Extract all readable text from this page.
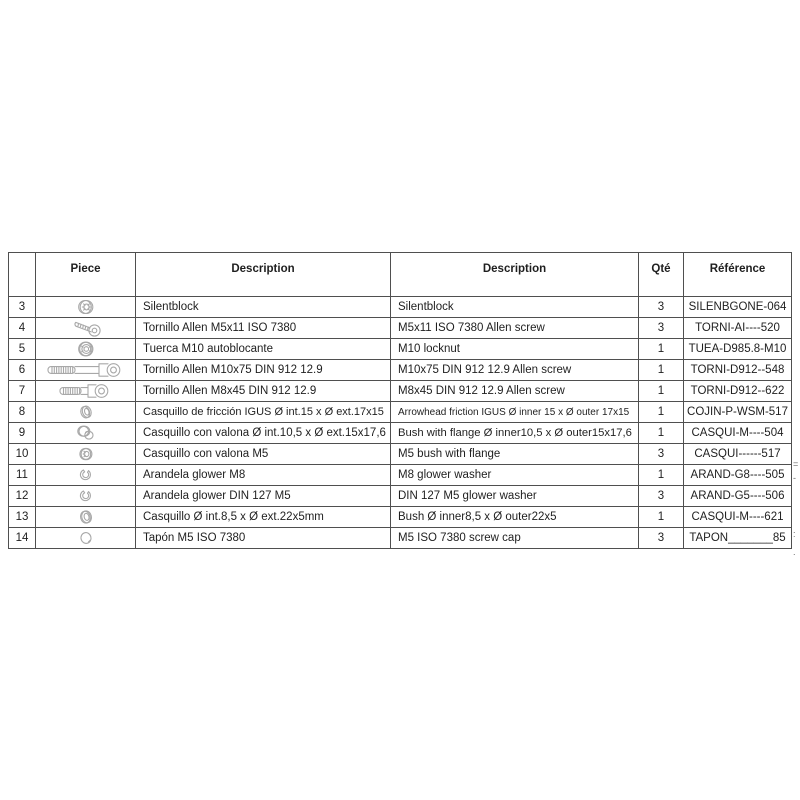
	Piece	Description	Description	Qté	Référence
3		Silentblock	Silentblock	3	SILENBGONE-064
4		Tornillo Allen M5x11 ISO 7380	M5x11 ISO 7380 Allen screw	3	TORNI-AI----520
5		Tuerca M10 autoblocante	M10 locknut	1	TUEA-D985.8-M10
6		Tornillo Allen M10x75 DIN 912 12.9	M10x75 DIN 912 12.9 Allen screw	1	TORNI-D912--548
7		Tornillo Allen M8x45 DIN 912 12.9	M8x45 DIN 912 12.9 Allen screw	1	TORNI-D912--622
8		Casquillo de fricción IGUS Ø int.15 x Ø ext.17x15	Arrowhead friction IGUS Ø inner 15 x Ø outer 17x15	1	COJIN-P-WSM-517
9		Casquillo con valona Ø int.10,5 x Ø ext.15x17,6	Bush with flange Ø inner10,5 x Ø outer15x17,6	1	CASQUI-M----504
10		Casquillo con valona M5	M5 bush with flange	3	CASQUI------517
11		Arandela glower M8	M8 glower washer	1	ARAND-G8----505
12		Arandela glower DIN 127 M5	DIN 127 M5 glower washer	3	ARAND-G5----506
13		Casquillo Ø int.8,5 x Ø ext.22x5mm	Bush Ø inner8,5 x Ø outer22x5	1	CASQUI-M----621
14		Tapón M5 ISO 7380	M5 ISO 7380 screw cap	3	TAPON_______85
=
-
:
.
